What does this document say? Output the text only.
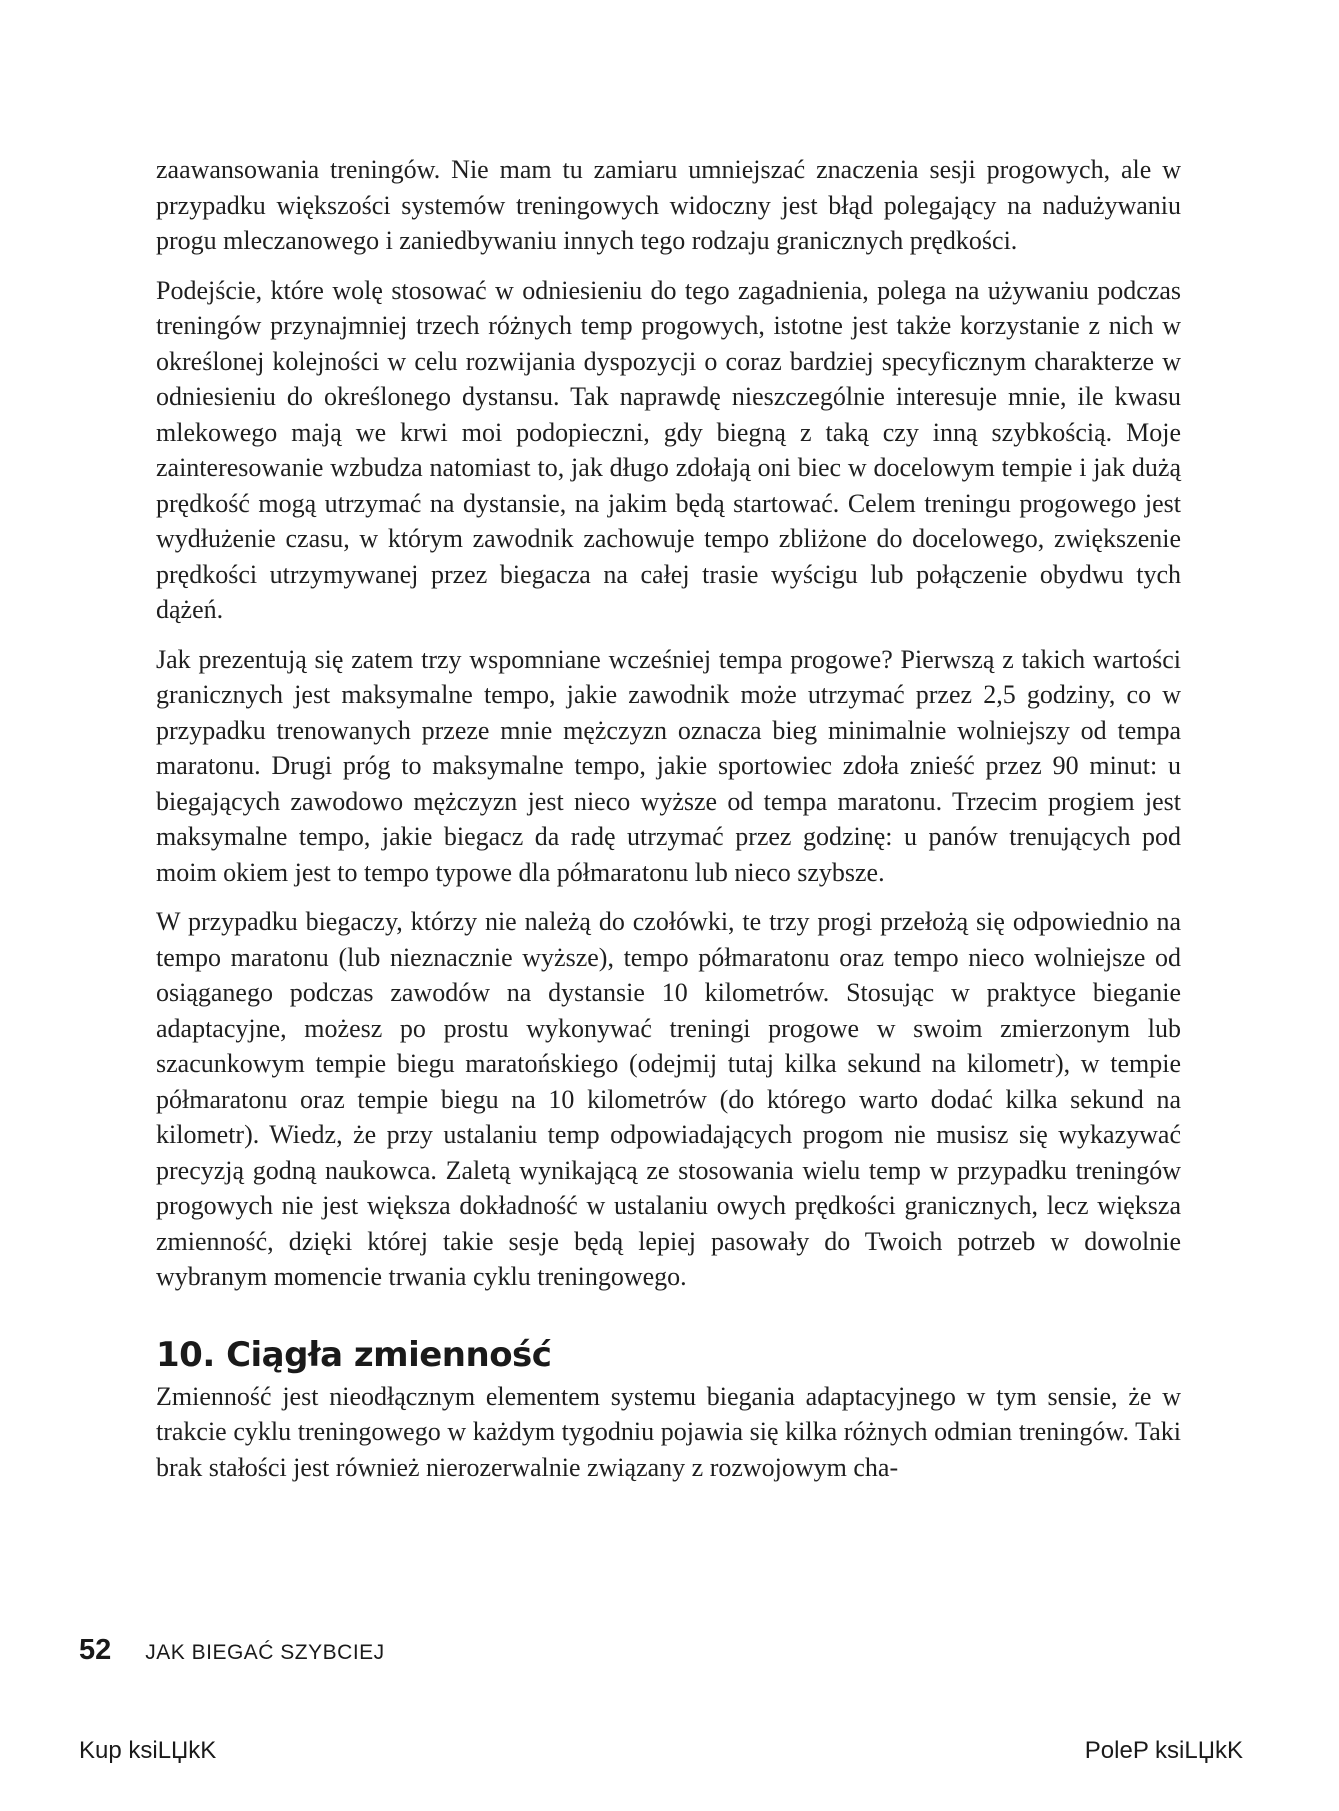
zaawansowania treningów. Nie mam tu zamiaru umniejszać znaczenia sesji progowych, ale w przypadku większości systemów treningowych widoczny jest błąd polegający na nadużywaniu progu mleczanowego i zaniedbywaniu innych tego rodzaju granicznych prędkości.

Podejście, które wolę stosować w odniesieniu do tego zagadnienia, polega na używaniu podczas treningów przynajmniej trzech różnych temp progowych, istotne jest także korzystanie z nich w określonej kolejności w celu rozwijania dyspozycji o coraz bardziej specyficznym charakterze w odniesieniu do określonego dystansu. Tak naprawdę nieszczególnie interesuje mnie, ile kwasu mlekowego mają we krwi moi podopieczni, gdy biegną z taką czy inną szybkością. Moje zainteresowanie wzbudza natomiast to, jak długo zdołają oni biec w docelowym tempie i jak dużą prędkość mogą utrzymać na dystansie, na jakim będą startować. Celem treningu progowego jest wydłużenie czasu, w którym zawodnik zachowuje tempo zbliżone do docelowego, zwiększenie prędkości utrzymywanej przez biegacza na całej trasie wyścigu lub połączenie obydwu tych dążeń.

Jak prezentują się zatem trzy wspomniane wcześniej tempa progowe? Pierwszą z takich wartości granicznych jest maksymalne tempo, jakie zawodnik może utrzymać przez 2,5 godziny, co w przypadku trenowanych przeze mnie mężczyzn oznacza bieg minimalnie wolniejszy od tempa maratonu. Drugi próg to maksymalne tempo, jakie sportowiec zdoła znieść przez 90 minut: u biegających zawodowo mężczyzn jest nieco wyższe od tempa maratonu. Trzecim progiem jest maksymalne tempo, jakie biegacz da radę utrzymać przez godzinę: u panów trenujących pod moim okiem jest to tempo typowe dla półmaratonu lub nieco szybsze.

W przypadku biegaczy, którzy nie należą do czołówki, te trzy progi przełożą się odpowiednio na tempo maratonu (lub nieznacznie wyższe), tempo półmaratonu oraz tempo nieco wolniejsze od osiąganego podczas zawodów na dystansie 10 kilometrów. Stosując w praktyce bieganie adaptacyjne, możesz po prostu wykonywać treningi progowe w swoim zmierzonym lub szacunkowym tempie biegu maratońskiego (odejmij tutaj kilka sekund na kilometr), w tempie półmaratonu oraz tempie biegu na 10 kilometrów (do którego warto dodać kilka sekund na kilometr). Wiedz, że przy ustalaniu temp odpowiadających progom nie musisz się wykazywać precyzją godną naukowca. Zaletą wynikającą ze stosowania wielu temp w przypadku treningów progowych nie jest większa dokładność w ustalaniu owych prędkości granicznych, lecz większa zmienność, dzięki której takie sesje będą lepiej pasowały do Twoich potrzeb w dowolnie wybranym momencie trwania cyklu treningowego.

10. Ciągła zmienność

Zmienność jest nieodłącznym elementem systemu biegania adaptacyjnego w tym sensie, że w trakcie cyklu treningowego w każdym tygodniu pojawia się kilka różnych odmian treningów. Taki brak stałości jest również nierozerwalnie związany z rozwojowym cha-

52 JAK BIEGAĆ SZYBCIEJ
Kup ksiLЏkK	PoleP ksiLЏkK
